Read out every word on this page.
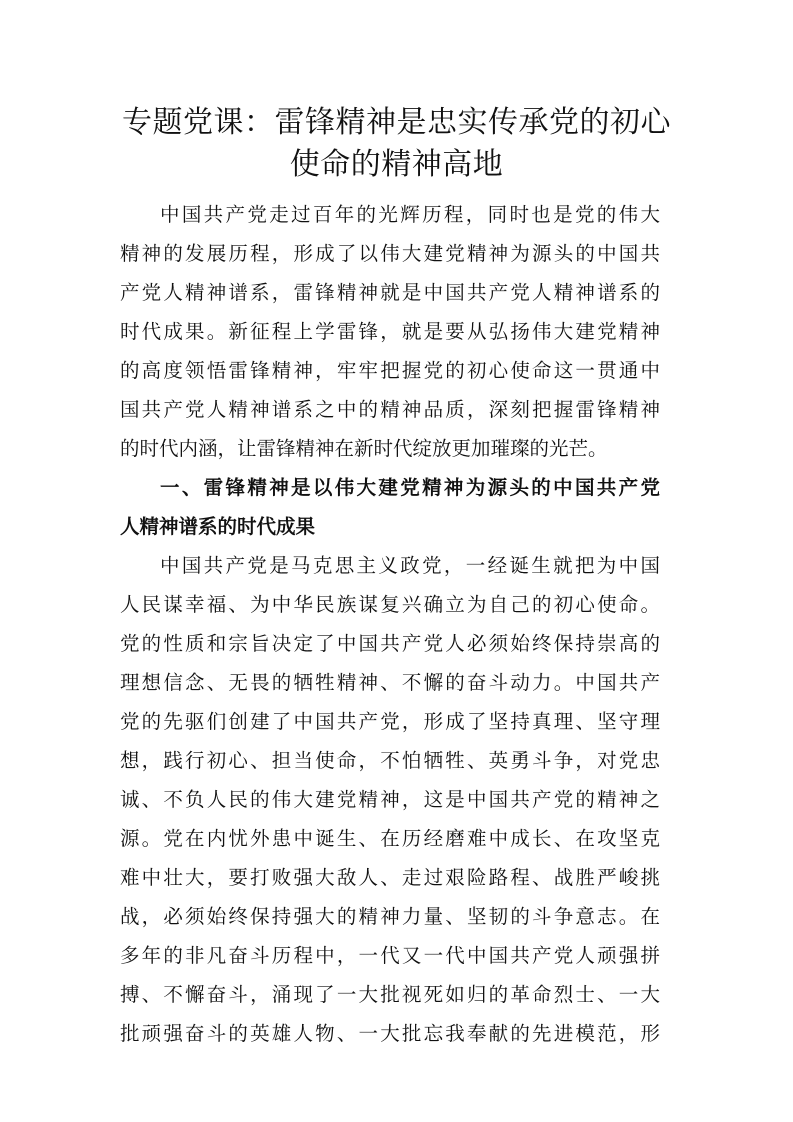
专题党课：雷锋精神是忠实传承党的初心
使命的精神高地

中国共产党走过百年的光辉历程，同时也是党的伟大

精神的发展历程，形成了以伟大建党精神为源头的中国共

产党人精神谱系，雷锋精神就是中国共产党人精神谱系的

时代成果。新征程上学雷锋，就是要从弘扬伟大建党精神

的高度领悟雷锋精神，牢牢把握党的初心使命这一贯通中

国共产党人精神谱系之中的精神品质，深刻把握雷锋精神

的时代内涵，让雷锋精神在新时代绽放更加璀璨的光芒。

一、雷锋精神是以伟大建党精神为源头的中国共产党

人精神谱系的时代成果

中国共产党是马克思主义政党，一经诞生就把为中国

人民谋幸福、为中华民族谋复兴确立为自己的初心使命。

党的性质和宗旨决定了中国共产党人必须始终保持崇高的

理想信念、无畏的牺牲精神、不懈的奋斗动力。中国共产

党的先驱们创建了中国共产党，形成了坚持真理、坚守理

想，践行初心、担当使命，不怕牺牲、英勇斗争，对党忠

诚、不负人民的伟大建党精神，这是中国共产党的精神之

源。党在内忧外患中诞生、在历经磨难中成长、在攻坚克

难中壮大，要打败强大敌人、走过艰险路程、战胜严峻挑

战，必须始终保持强大的精神力量、坚韧的斗争意志。在

多年的非凡奋斗历程中，一代又一代中国共产党人顽强拼

搏、不懈奋斗，涌现了一大批视死如归的革命烈士、一大

批顽强奋斗的英雄人物、一大批忘我奉献的先进模范，形
